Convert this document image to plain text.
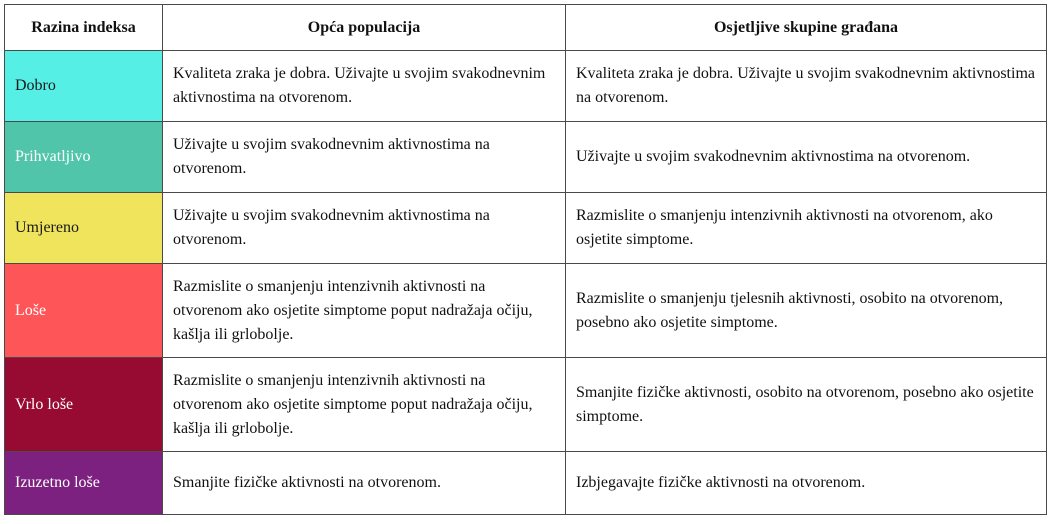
Razina indeksa	Opća populacija	Osjetljive skupine građana
Dobro	Kvaliteta zraka je dobra. Uživajte u svojim svakodnevnim aktivnostima na otvorenom.	Kvaliteta zraka je dobra. Uživajte u svojim svakodnevnim aktivnostima na otvorenom.
Prihvatljivo	Uživajte u svojim svakodnevnim aktivnostima na otvorenom.	Uživajte u svojim svakodnevnim aktivnostima na otvorenom.
Umjereno	Uživajte u svojim svakodnevnim aktivnostima na otvorenom.	Razmislite o smanjenju intenzivnih aktivnosti na otvorenom, ako osjetite simptome.
Loše	Razmislite o smanjenju intenzivnih aktivnosti na otvorenom ako osjetite simptome poput nadražaja očiju, kašlja ili grlobolje.	Razmislite o smanjenju tjelesnih aktivnosti, osobito na otvorenom, posebno ako osjetite simptome.
Vrlo loše	Razmislite o smanjenju intenzivnih aktivnosti na otvorenom ako osjetite simptome poput nadražaja očiju, kašlja ili grlobolje.	Smanjite fizičke aktivnosti, osobito na otvorenom, posebno ako osjetite simptome.
Izuzetno loše	Smanjite fizičke aktivnosti na otvorenom.	Izbjegavajte fizičke aktivnosti na otvorenom.
